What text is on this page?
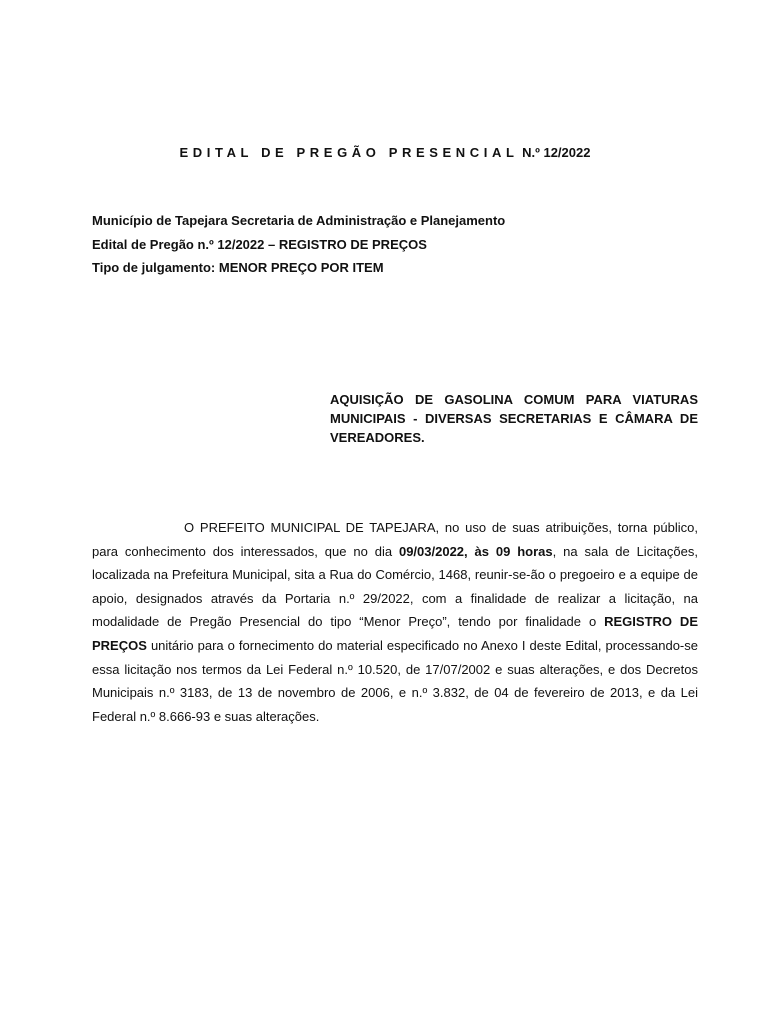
EDITAL DE PREGÃO PRESENCIAL N.º 12/2022
Município de Tapejara Secretaria de Administração e Planejamento
Edital de Pregão n.º 12/2022 – REGISTRO DE PREÇOS
Tipo de julgamento: MENOR PREÇO POR ITEM
AQUISIÇÃO DE GASOLINA COMUM PARA VIATURAS MUNICIPAIS - DIVERSAS SECRETARIAS E CÂMARA DE VEREADORES.

O PREFEITO MUNICIPAL DE TAPEJARA, no uso de suas atribuições, torna público, para conhecimento dos interessados, que no dia 09/03/2022, às 09 horas, na sala de Licitações, localizada na Prefeitura Municipal, sita a Rua do Comércio, 1468, reunir-se-ão o pregoeiro e a equipe de apoio, designados através da Portaria n.º 29/2022, com a finalidade de realizar a licitação, na modalidade de Pregão Presencial do tipo “Menor Preço”, tendo por finalidade o REGISTRO DE PREÇOS unitário para o fornecimento do material especificado no Anexo I deste Edital, processando-se essa licitação nos termos da Lei Federal n.º 10.520, de 17/07/2002 e suas alterações, e dos Decretos Municipais n.º 3183, de 13 de novembro de 2006, e n.º 3.832, de 04 de fevereiro de 2013, e da Lei Federal n.º 8.666-93 e suas alterações.
